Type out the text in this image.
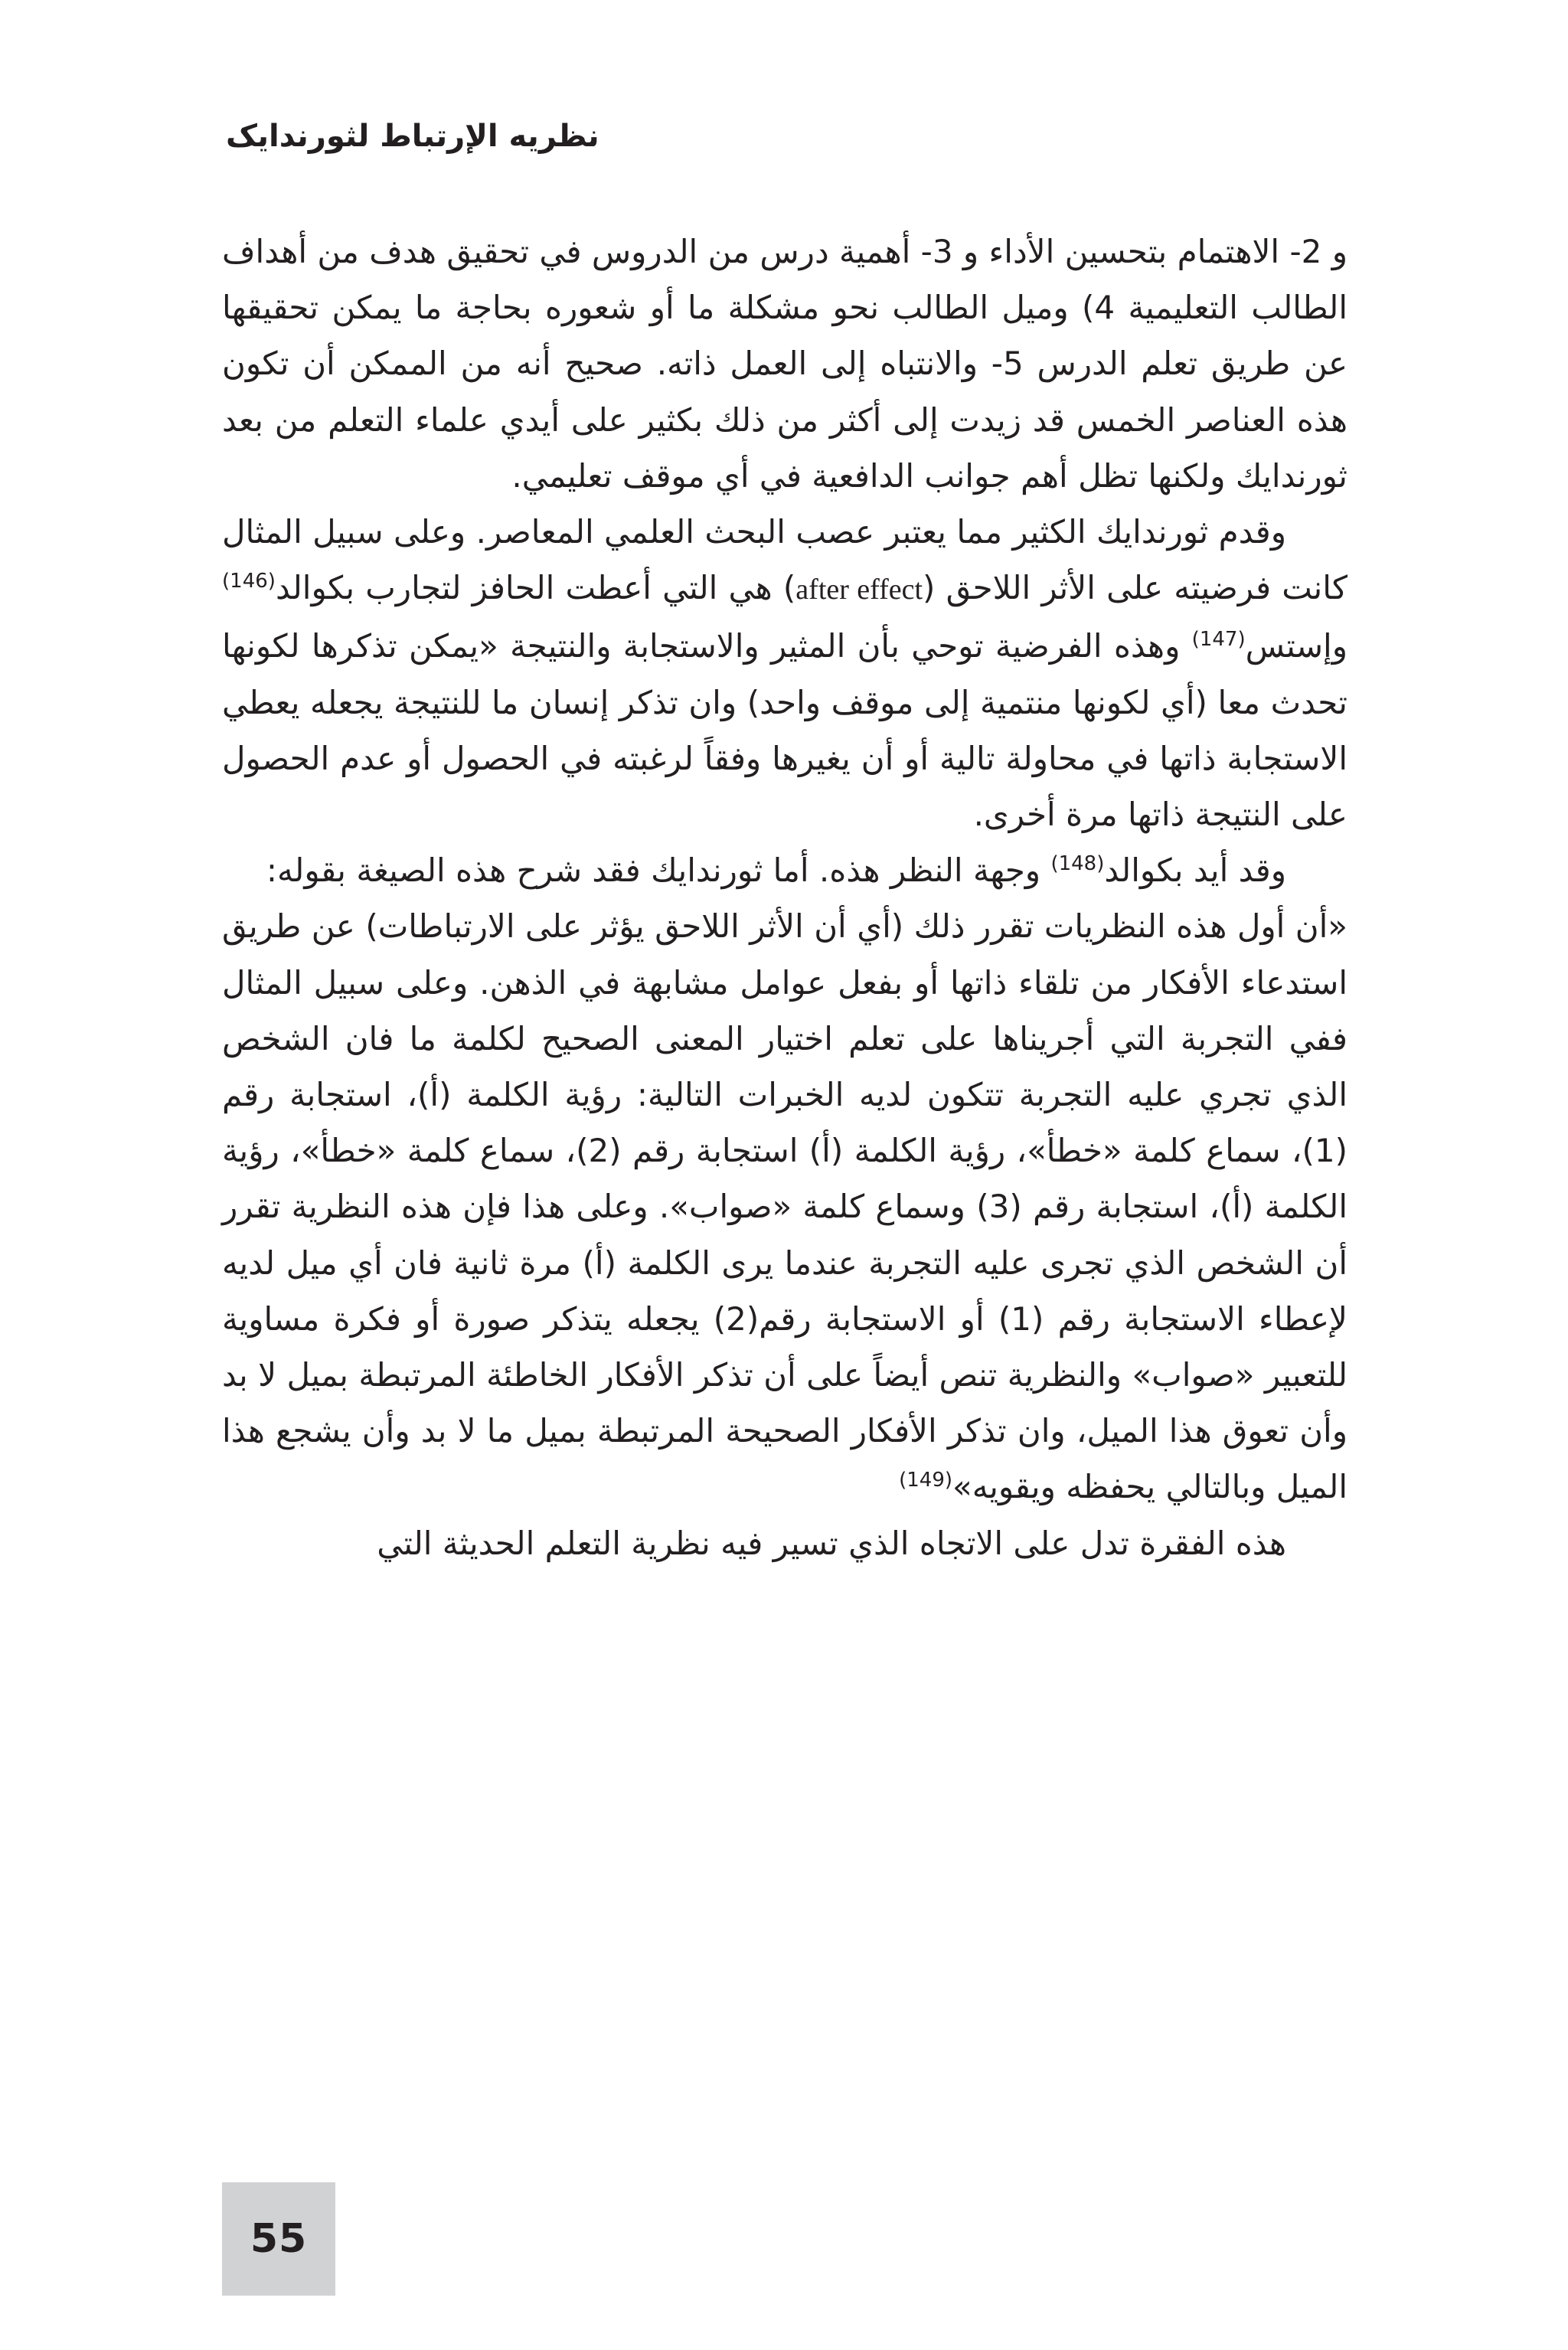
نظريه الإرتباط لثورندايک

و 2- الاهتمام بتحسين الأداء و 3- أهمية درس من الدروس في تحقيق هدف من أهداف الطالب التعليمية 4) وميل الطالب نحو مشكلة ما أو شعوره بحاجة ما يمكن تحقيقها عن طريق تعلم الدرس 5- والانتباه إلى العمل ذاته. صحيح أنه من الممكن أن تكون هذه العناصر الخمس قد زيدت إلى أكثر من ذلك بكثير على أيدي علماء التعلم من بعد ثورندايك ولكنها تظل أهم جوانب الدافعية في أي موقف تعليمي.

وقدم ثورندايك الكثير مما يعتبر عصب البحث العلمي المعاصر. وعلى سبيل المثال كانت فرضيته على الأثر اللاحق (after effect) هي التي أعطت الحافز لتجارب بكوالد$^{(146)}$ وإستس$^{(147)}$ وهذه الفرضية توحي بأن المثير والاستجابة والنتيجة «يمكن تذكرها لكونها تحدث معا (أي لكونها منتمية إلى موقف واحد) وان تذكر إنسان ما للنتيجة يجعله يعطي الاستجابة ذاتها في محاولة تالية أو أن يغيرها وفقاً لرغبته في الحصول أو عدم الحصول على النتيجة ذاتها مرة أخرى.

وقد أيد بكوالد$^{(148)}$ وجهة النظر هذه. أما ثورندايك فقد شرح هذه الصيغة بقوله:

«أن أول هذه النظريات تقرر ذلك (أي أن الأثر اللاحق يؤثر على الارتباطات) عن طريق استدعاء الأفكار من تلقاء ذاتها أو بفعل عوامل مشابهة في الذهن. وعلى سبيل المثال ففي التجربة التي أجريناها على تعلم اختيار المعنى الصحيح لكلمة ما فان الشخص الذي تجري عليه التجربة تتكون لديه الخبرات التالية: رؤية الكلمة (أ)، استجابة رقم (1)، سماع كلمة «خطأ»، رؤية الكلمة (أ) استجابة رقم (2)، سماع كلمة «خطأ»، رؤية الكلمة (أ)، استجابة رقم (3) وسماع كلمة «صواب». وعلى هذا فإن هذه النظرية تقرر أن الشخص الذي تجرى عليه التجربة عندما يرى الكلمة (أ) مرة ثانية فان أي ميل لديه لإعطاء الاستجابة رقم (1) أو الاستجابة رقم(2) يجعله يتذكر صورة أو فكرة مساوية للتعبير «صواب» والنظرية تنص أيضاً على أن تذكر الأفكار الخاطئة المرتبطة بميل لا بد وأن تعوق هذا الميل، وان تذكر الأفكار الصحيحة المرتبطة بميل ما لا بد وأن يشجع هذا الميل وبالتالي يحفظه ويقويه»$^{(149)}$

هذه الفقرة تدل على الاتجاه الذي تسير فيه نظرية التعلم الحديثة التي

55
